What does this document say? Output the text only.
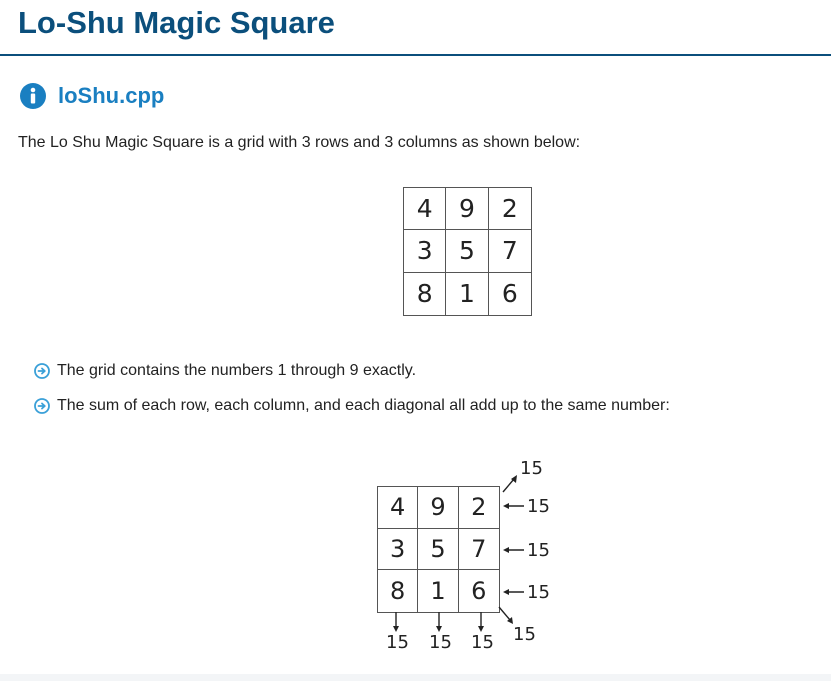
Lo-Shu Magic Square
loShu.cpp

The Lo Shu Magic Square is a grid with 3 rows and 3 columns as shown below:

4	9	2
3	5	7
8	1	6
The grid contains the numbers 1 through 9 exactly.
The sum of each row, each column, and each diagonal all add up to the same number:
4	9	2
3	5	7
8	1	6
15
15
15
15
15 15 15 15
